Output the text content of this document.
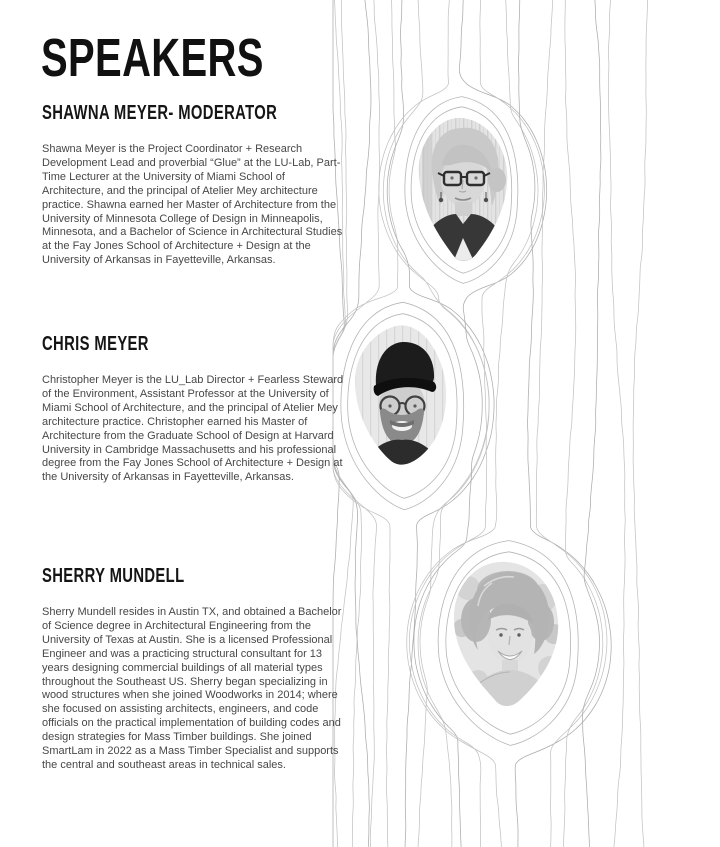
SPEAKERS
SHAWNA MEYER- MODERATOR

Shawna Meyer is the Project Coordinator + Research Development Lead and proverbial “Glue” at the LU-Lab, Part-Time Lecturer at the University of Miami School of Architecture, and the principal of Atelier Mey architecture practice. Shawna earned her Master of Architecture from the University of Minnesota College of Design in Minneapolis, Minnesota, and a Bachelor of Science in Architectural Studies at the Fay Jones School of Architecture + Design at the University of Arkansas in Fayetteville, Arkansas.

CHRIS MEYER

Christopher Meyer is the LU_Lab Director + Fearless Steward of the Environment, Assistant Professor at the University of Miami School of Architecture, and the principal of Atelier Mey architecture practice. Christopher earned his Master of Architecture from the Graduate School of Design at Harvard University in Cambridge Massachusetts and his professional degree from the Fay Jones School of Architecture + Design at the University of Arkansas in Fayetteville, Arkansas.

SHERRY MUNDELL

Sherry Mundell resides in Austin TX, and obtained a Bachelor of Science degree in Architectural Engineering from the University of Texas at Austin. She is a licensed Professional Engineer and was a practicing structural consultant for 13 years designing commercial buildings of all material types throughout the Southeast US. Sherry began specializing in wood structures when she joined Woodworks in 2014; where she focused on assisting architects, engineers, and code officials on the practical implementation of building codes and design strategies for Mass Timber buildings. She joined SmartLam in 2022 as a Mass Timber Specialist and supports the central and southeast areas in technical sales.
